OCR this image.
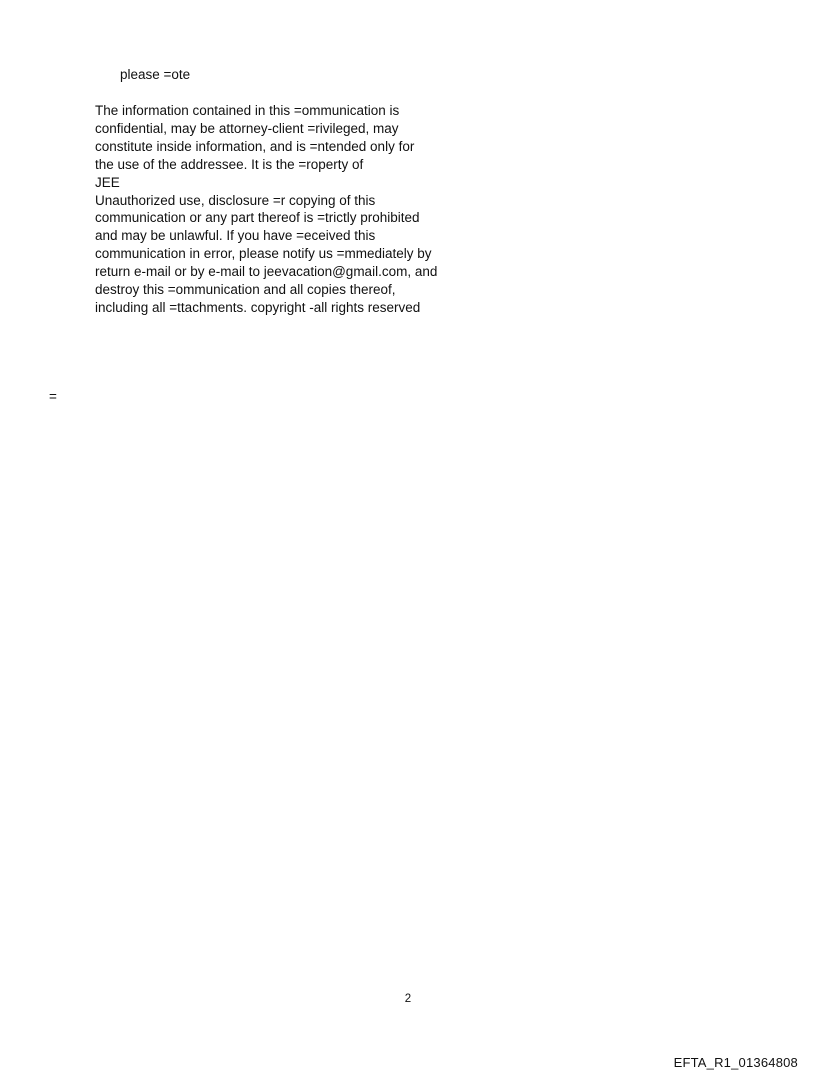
please =ote
The information contained in this =ommunication is
confidential, may be attorney-client =rivileged, may
constitute inside information, and is =ntended only for
the use of the addressee. It is the =roperty of
JEE
Unauthorized use, disclosure =r copying of this
communication or any part thereof is =trictly prohibited
and may be unlawful. If you have =eceived this
communication in error, please notify us =mmediately by
return e-mail or by e-mail to jeevacation@gmail.com, and
destroy this =ommunication and all copies thereof,
including all =ttachments. copyright -all rights reserved
=
2
EFTA_R1_01364808
